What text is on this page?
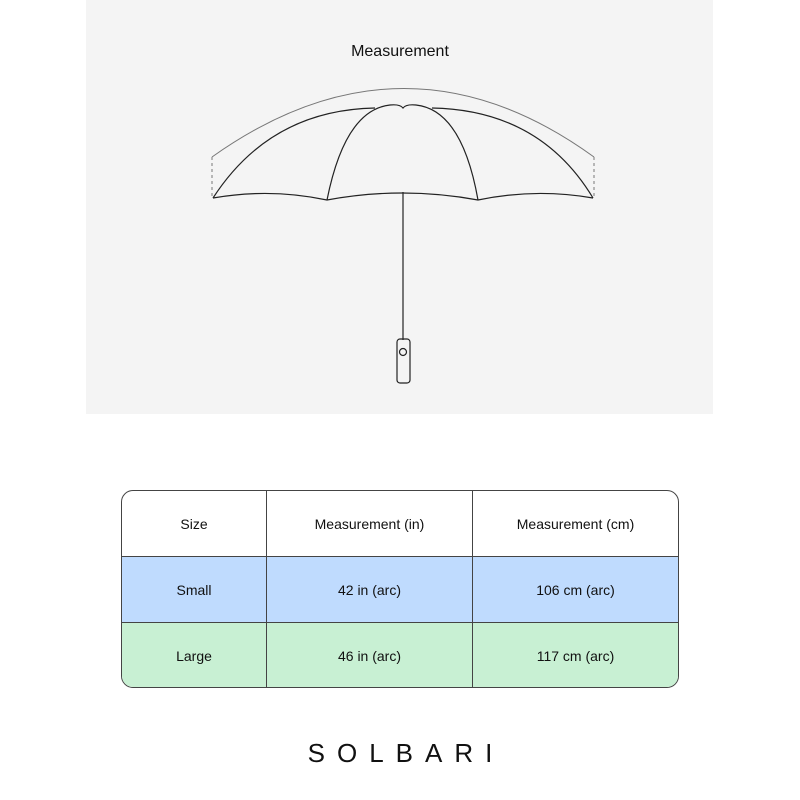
Measurement
Size	Measurement (in)	Measurement (cm)
Small	42 in (arc)	106 cm (arc)
Large	46 in (arc)	117 cm (arc)
SOLBARI
